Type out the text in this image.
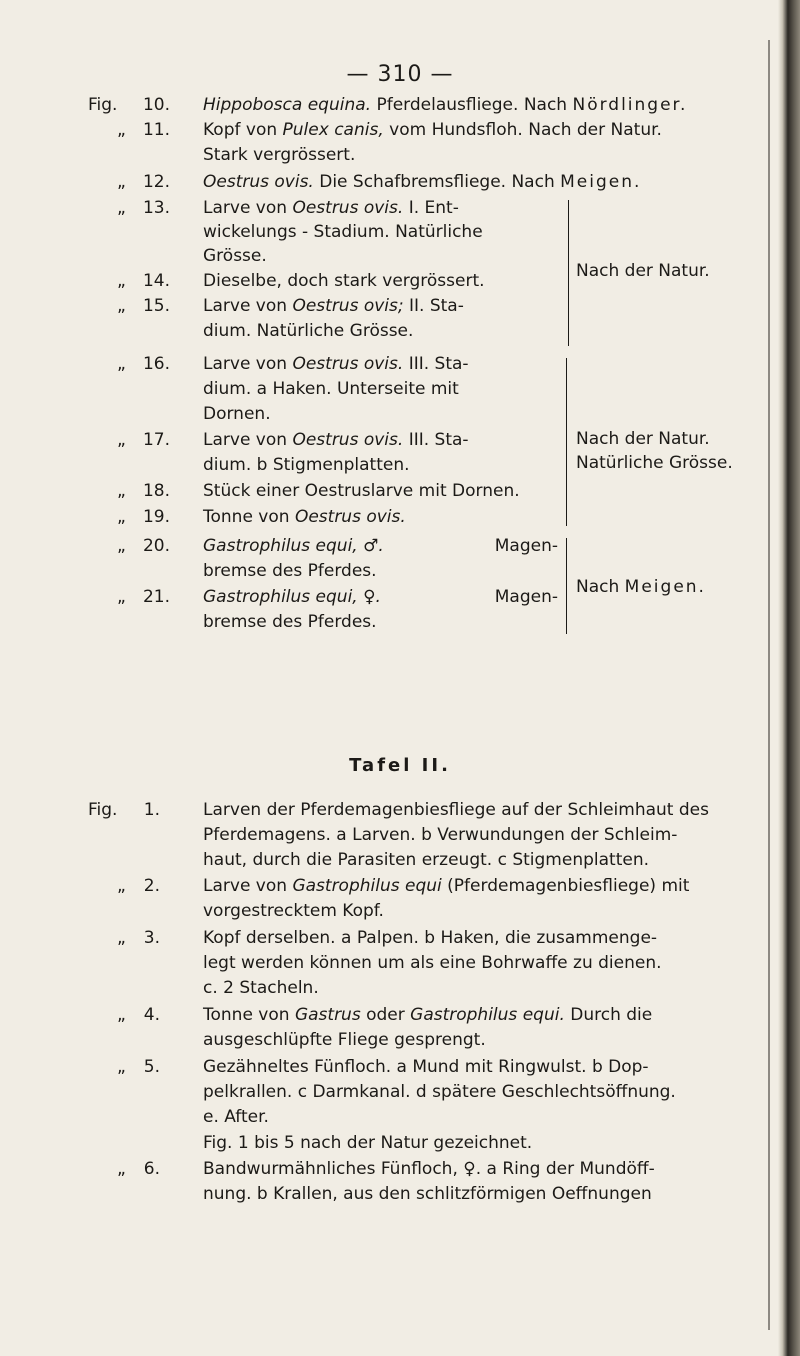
— 310 —
Fig.	10. Hippobosca equina. Pferdelausfliege. Nach Nördlinger.
„	11. Kopf von Pulex canis, vom Hundsfloh. Nach der Natur.
Stark vergrössert.
„	12. Oestrus ovis. Die Schafbremsfliege. Nach Meigen.
„	13. Larve von Oestrus ovis. I. Ent-
wickelungs - Stadium. Natürliche
Grösse.
„	14. Dieselbe, doch stark vergrössert.
„	15. Larve von Oestrus ovis; II. Sta-
dium. Natürliche Grösse.
Nach der Natur.
„	16. Larve von Oestrus ovis. III. Sta-
dium. a Haken. Unterseite mit
Dornen.
„	17. Larve von Oestrus ovis. III. Sta-
dium. b Stigmenplatten.
„	18. Stück einer Oestruslarve mit Dornen.
„	19. Tonne von Oestrus ovis.
Nach der Natur.
Natürliche Grösse.
„	20. Gastrophilus equi, ♂.	Magen-
bremse des Pferdes.
„	21. Gastrophilus equi, ♀.	Magen-
bremse des Pferdes.
Nach Meigen.
Tafel II.
Fig. 1.	Larven der Pferdemagenbiesfliege auf der Schleimhaut des
Pferdemagens. a Larven. b Verwundungen der Schleim-
haut, durch die Parasiten erzeugt. c Stigmenplatten.
„ 2.	Larve von Gastrophilus equi (Pferdemagenbiesfliege) mit
vorgestrecktem Kopf.
„ 3.	Kopf derselben. a Palpen. b Haken, die zusammenge-
legt werden können um als eine Bohrwaffe zu dienen.
c. 2 Stacheln.
„ 4.	Tonne von Gastrus oder Gastrophilus equi. Durch die
ausgeschlüpfte Fliege gesprengt.
„ 5.	Gezähneltes Fünfloch. a Mund mit Ringwulst. b Dop-
pelkrallen. c Darmkanal. d spätere Geschlechtsöffnung.
e. After.
Fig. 1 bis 5 nach der Natur gezeichnet.
„ 6.	Bandwurmähnliches Fünfloch, ♀. a Ring der Mundöff-
nung. b Krallen, aus den schlitzförmigen Oeffnungen
